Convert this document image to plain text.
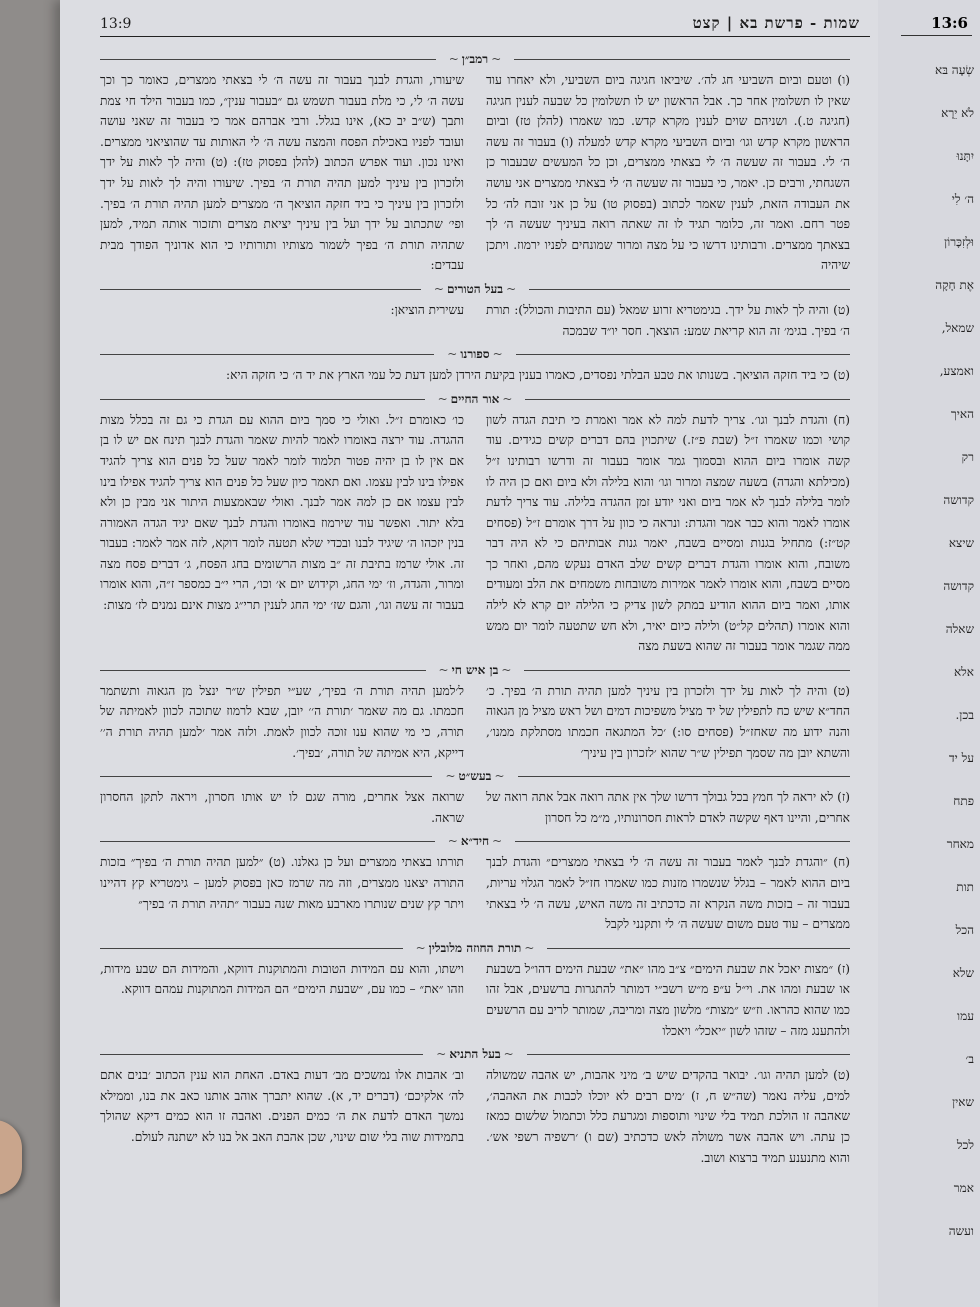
שמות - פרשת בא | קצט
13:9
~ רמב״ן ~

(ו) וטעם וביום השביעי חג לה׳. שיביאו חגיגה ביום השביעי, ולא יאחרו עוד שאין לו תשלומין אחר כך. אבל הראשון יש לו תשלומין כל שבעה לענין חגיגה (חגיגה ט.). ושניהם שוים לענין מקרא קדש. כמו שאמרו (להלן טז) וביום הראשון מקרא קדש וגו׳ וביום השביעי מקרא קדש למעלה (ו) בעבור זה עשה ה׳ לי. בעבור זה שעשה ה׳ לי בצאתי ממצרים, וכן כל המעשים שבעבור כן השגחתי, ורבים כן. יאמר, כי בעבור זה שעשה ה׳ לי בצאתי ממצרים אני עושה את העבודה הזאת, לענין שאמר לכתוב (בפסוק טו) על כן אני זובח לה׳ כל פטר רחם. ואמר זה, כלומר תגיד לו זה שאתה רואה בעיניך שעשה ה׳ לך בצאתך ממצרים. ורבותינו דרשו כי על מצה ומרור שמונחים לפניו ירמוז. ויתכן שיהיה

שיעורו, והגדת לבנך בעבור זה עשה ה׳ לי בצאתי ממצרים, כאומר כך וכך עשה ה׳ לי, כי מלת בעבור תשמש גם ״בעבור ענין״, כמו בעבור הילד חי צמת ותבך (ש״ב יב כא), אינו בגלל. ורבי אברהם אמר כי בעבור זה שאני עושה ועובד לפניו באכילת הפסח והמצה עשה ה׳ לי האותות עד שהוציאני ממצרים. ואינו נכון. ועוד אפרש הכתוב (להלן בפסוק טז): (ט) והיה לך לאות על ידך ולזכרון בין עיניך למען תהיה תורת ה׳ בפיך. שיעורו והיה לך לאות על ידך ולזכרון בין עיניך כי ביד חזקה הוציאך ה׳ ממצרים למען תהיה תורת ה׳ בפיך. ופי׳ שתכתוב על ידך ועל בין עיניך יציאת מצרים ותזכור אותה תמיד, למען שתהיה תורת ה׳ בפיך לשמור מצותיו ותורותיו כי הוא אדוניך הפודך מבית עבדים:

~ בעל הטורים ~

(ט) והיה לך לאות על ידך. בגימטריא זרוע שמאל (עם התיבות והכולל): תורת ה׳ בפיך. בגימ׳ זה הוא קריאת שמע: הוצאך. חסר יו״ד שבמכה

עשירית הוציאן:

~ ספורנו ~

(ט) כי ביד חזקה הוציאך. בשנותו את טבע הבלתי נפסדים, כאמרו בענין בקיעת הירדן למען דעת כל עמי הארץ את יד ה׳ כי חזקה היא:

~ אור החיים ~

(ח) והגדת לבנך וגו׳. צריך לדעת למה לא אמר ואמרת כי תיבת הגדה לשון קושי וכמו שאמרו ז״ל (שבת פ״ז.) שיתכוין בהם דברים קשים כגידים. עוד קשה אומרו ביום ההוא ובסמוך גמר אומר בעבור זה ודרשו רבותינו ז״ל (מכילתא והגדה) בשעה שמצה ומרור וגו׳ והוא בלילה ולא ביום ואם כן היה לו לומר בלילה לבנך לא אמר ביום ואני יודע זמן ההגדה בלילה. עוד צריך לדעת אומרו לאמר והוא כבר אמר והגדת: ונראה כי כוון על דרך אומרם ז״ל (פסחים קט״ז:) מתחיל בגנות ומסיים בשבח, יאמר גנות אבותיהם כי לא היה דבר משובח, והוא אומרו והגדת דברים קשים שלב האדם נעקש מהם, ואחר כך מסיים בשבח, והוא אומרו לאמר אמירות משובחות משמחים את הלב ומעודים אותו, ואמר ביום ההוא הודיע במתק לשון צדיק כי הלילה יום קרא לא לילה והוא אומרו (תהלים קל״ט) ולילה כיום יאיר, ולא חש שתטעה לומר יום ממש ממה שגמר אומר בעבור זה שהוא בשעת מצה

כו׳ כאומרם ז״ל. ואולי כי סמך ביום ההוא עם הגדת כי גם זה בכלל מצות ההגדה. עוד ירצה באומרו לאמר להיות שאמר והגדת לבנך תינח אם יש לו בן אם אין לו בן יהיה פטור תלמוד לומר לאמר שעל כל פנים הוא צריך להגיד אפילו בינו לבין עצמו. ואם תאמר כיון שעל כל פנים הוא צריך להגיד אפילו בינו לבין עצמו אם כן למה אמר לבנך. ואולי שבאמצעות היתור אני מבין כן ולא בלא יתור. ואפשר עוד שירמוז באומרו והגדת לבנך שאם יגיד הגדה האמורה בנין יזכהו ה׳ שיגיד לבנו ובכדי שלא תטעה לומר דוקא, לזה אמר לאמר: בעבור זה. אולי שרמז בתיבת זה ״ב מצות הרשומים בחג הפסח, ג׳ דברים פסח מצה ומרור, והגדה, וז׳ ימי החג, וקידוש יום א׳ וכו׳, הרי י״ב כמספר ז״ה, והוא אומרו בעבור זה עשה וגו׳, והגם שז׳ ימי החג לענין תרי״ג מצות אינם נמנים לז׳ מצות:

~ בן איש חי ~

(ט) והיה לך לאות על ידך ולזכרון בין עיניך למען תהיה תורת ה׳ בפיך. כ׳ החד״א שיש כח לתפילין של יד מציל משפיכות דמים ושל ראש מציל מן הגאוה והנה ידוע מה שאחז״ל (פסחים סו:) ׳כל המתגאה חכמתו מסתלקת ממנו׳, והשתא יובן מה שסמך תפילין ש״ר שהוא ׳לזכרון בין עיניך׳

ל׳למען תהיה תורת ה׳ בפיך׳, שע״י תפילין ש״ר ינצל מן הגאוה ותשתמר חכמתו. גם מה שאמר ׳תורת ה׳׳ יובן, שבא לרמוז שתוכה לכוון לאמיתה של תורה, כי מי שהוא ענו זוכה לכוון לאמת. ולזה אמר ׳למען תהיה תורת ה׳׳ דייקא, היא אמיתה של תורה, ׳בפיך׳.

~ בעש״ט ~

(ז) לא יראה לך חמץ בכל גבולך דרשו שלך אין אתה רואה אבל אתה רואה של אחרים, והיינו דאף שקשה לאדם לראות חסרונותיו, מ״מ כל חסרון

שרואה אצל אחרים, מורה שגם לו יש אותו חסרון, ויראה לתקן החסרון שראה.

~ חיד״א ~

(ח) ״והגדת לבנך לאמר בעבור זה עשה ה׳ לי בצאתי ממצרים״ והגדת לבנך ביום ההוא לאמר – בגלל שנשמרו מזנות כמו שאמרו חז״ל לאמר הגלוי עריות, בעבור זה – בזכות משה הנקרא זה כדכתיב זה משה האיש, עשה ה׳ לי בצאתי ממצרים – עוד טעם משום שעשה ה׳ לי ותקנני לקבל

תורתו בצאתי ממצרים ועל כן גאלנו. (ט) ״למען תהיה תורת ה׳ בפיך״ בזכות התורה יצאנו ממצרים, וזה מה שרמז כאן בפסוק למען – גימטריא קץ דהיינו ויתר קץ שנים שנותרו מארבע מאות שנה בעבור ״תהיה תורת ה׳ בפיך״

~ תורת החוזה מלובלין ~

(ז) ״מצות יאכל את שבעת הימים״ צ״ב מהו ״את״ שבעת הימים דהו״ל בשבעת או שבעת ומהו את. וי״ל ע״פ מ״ש רשב״י דמותר להתגרות ברשעים, אבל זהו כמו שהוא כהראו. וז״ש ״מצות״ מלשון מצה ומריבה, שמותר לריב עם הרשעים ולהתענג מזה – שזהו לשון ״יאכל״ ויאכלו

וישתו, והוא עם המידות הטובות והמתוקנות דווקא, והמידות הם שבע מידות, וזהו ״את״ – כמו עם, ״שבעת הימים״ הם המידות המתוקנות עמהם דווקא.

~ בעל התניא ~

(ט) למען תהיה וגו׳. יבואר בהקדים שיש ב׳ מיני אהבות, יש אהבה שמשולה למים, עליה נאמר (שה״ש ח, ז) ׳מים רבים לא יוכלו לכבות את האהבה׳, שאהבה זו הולכת תמיד בלי שינוי ותוספות ומגרעת כלל וכתמול שלשום כמאז כן עתה. ויש אהבה אשר משולה לאש כדכתיב (שם ו) ׳רשפיה רשפי אש׳. והוא מתנענע תמיד ברצוא ושוב.

וב׳ אהבות אלו נמשכים מב׳ דעות באדם. האחת הוא ענין הכתוב ׳בנים אתם לה׳ אלקיכם׳ (דברים יד, א). שהוא יתברך אוהב אותנו כאב את בנו, וממילא נמשך האדם לדעת את ה׳ כמים הפנים. ואהבה זו הוא כמים דיקא שהולך בתמידות שוה בלי שום שינוי, שכן אהבת האב אל בנו לא ישתנה לעולם.

13:6
שְׂעָה בּא
לֹא יֵרָא
יִתָּנוּ
ה׳ לִי
וּלְזִכָּרוֹן
אֶת חָקָה
שמאל,
ואמצע,
האיך
רק
קדושה
שיצא
קדושה
שאלה
אלא
בכן.
על יד
פתח
מאחר
תות
הכל
שלא
עמו
ב׳
שאין
לכל
אמר
ועשה
